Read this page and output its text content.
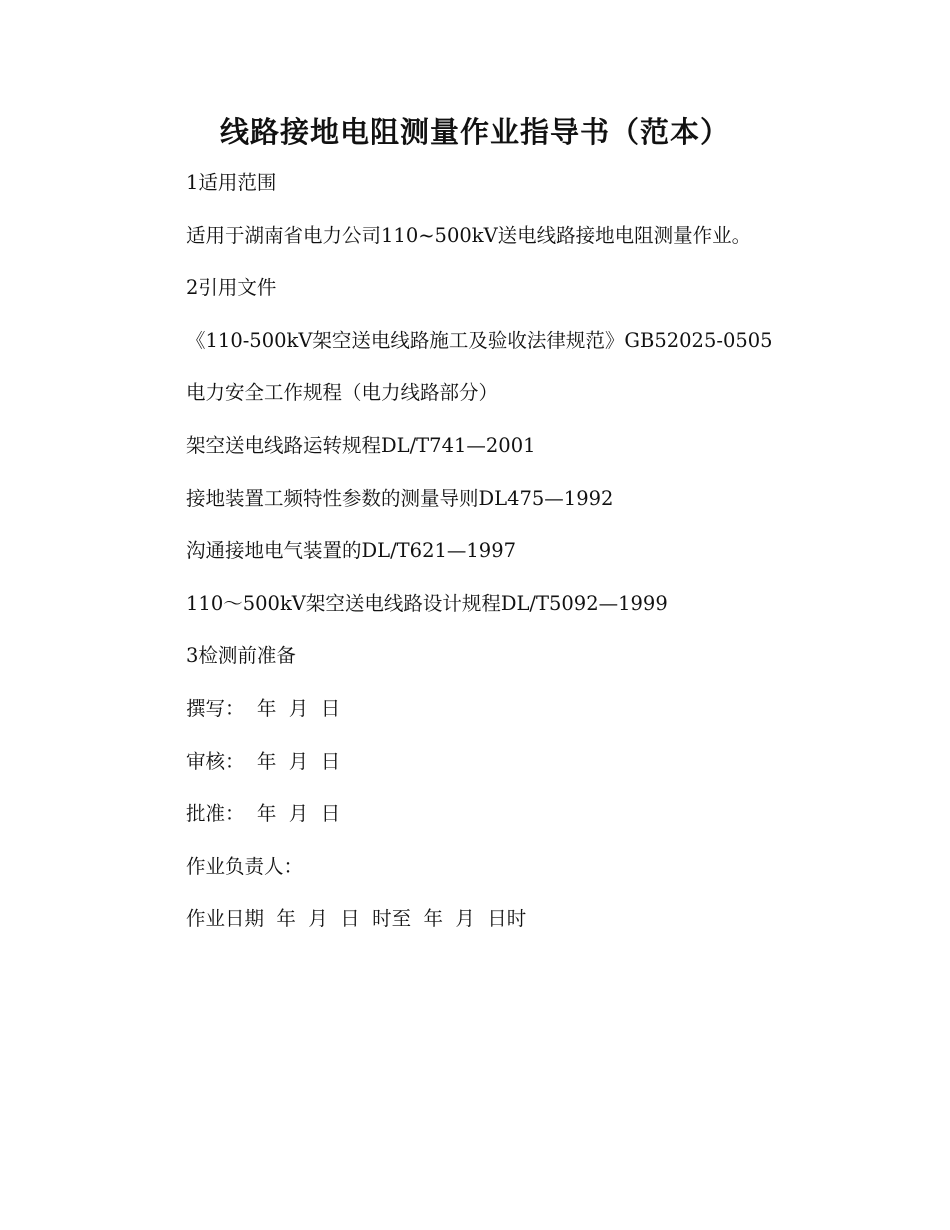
线路接地电阻测量作业指导书（范本）
1适用范围
适用于湖南省电力公司110~500kV送电线路接地电阻测量作业。
2引用文件
《110-500kV架空送电线路施工及验收法律规范》GB52025-0505
电力安全工作规程（电力线路部分）
架空送电线路运转规程DL/T741—2001
接地装置工频特性参数的测量导则DL475—1992
沟通接地电气装置的DL/T621—1997
110～500kV架空送电线路设计规程DL/T5092—1999
3检测前准备
撰写：  年  月  日
审核：  年  月  日
批准：  年  月  日
作业负责人：
作业日期  年  月  日  时至  年  月  日时
